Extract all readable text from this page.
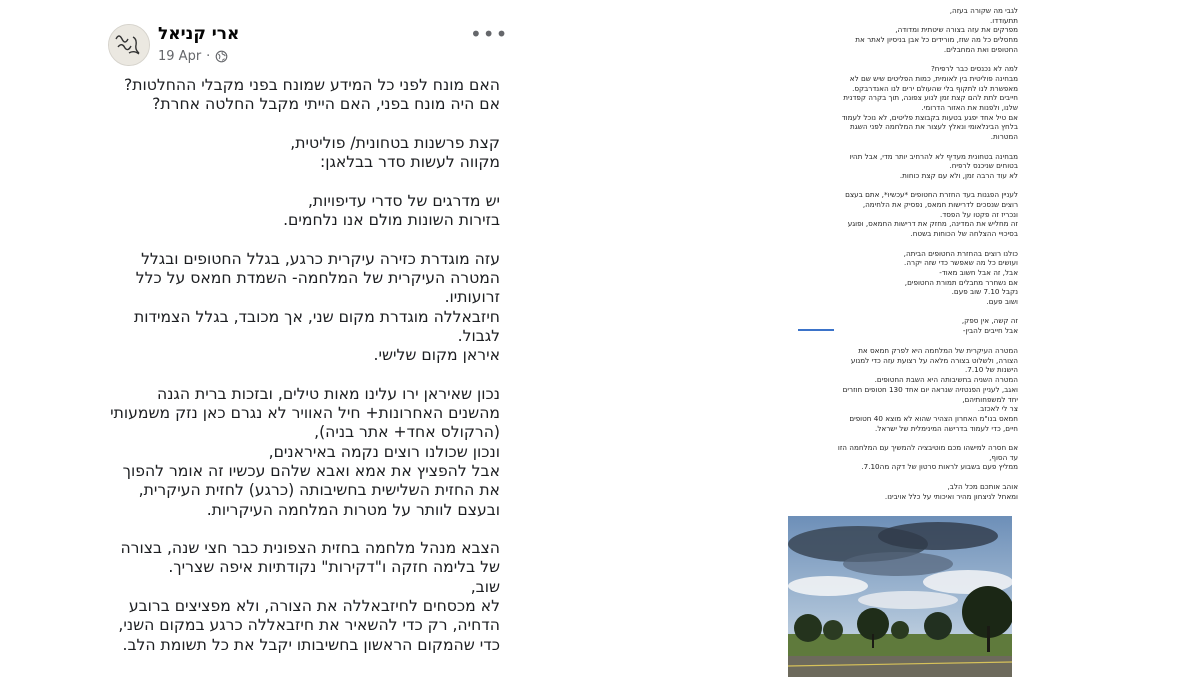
ארי קניאל
19 Apr ·
•••

האם מונח לפני כל המידע שמונח בפני מקבלי ההחלטות?
אם היה מונח בפני, האם הייתי מקבל החלטה אחרת?

קצת פרשנות בטחונית/ פוליטית,
מקווה לעשות סדר בבלאגן:

יש מדרגים של סדרי עדיפויות,
בזירות השונות מולם אנו נלחמים.

עזה מוגדרת כזירה עיקרית כרגע, בגלל החטופים ובגלל
המטרה העיקרית של המלחמה- השמדת חמאס על כלל
זרועותיו.
חיזבאללה מוגדרת מקום שני, אך מכובד, בגלל הצמידות
לגבול.
איראן מקום שלישי.

נכון שאיראן ירו עלינו מאות טילים, ובזכות ברית הגנה
מהשנים האחרונות+ חיל האוויר לא נגרם כאן נזק משמעותי
(הרקולס אחד+ אתר בניה),
ונכון שכולנו רוצים נקמה באיראנים,
אבל להפציץ את אמא ואבא שלהם עכשיו זה אומר להפוך
את החזית השלישית בחשיבותה (כרגע) לחזית העיקרית,
ובעצם לוותר על מטרות המלחמה העיקריות.

הצבא מנהל מלחמה בחזית הצפונית כבר חצי שנה, בצורה
של בלימה חזקה ו"דקירות" נקודתיות איפה שצריך.
שוב,
לא מכסחים לחיזבאללה את הצורה, ולא מפציצים ברובע
הדחיה, רק כדי להשאיר את חיזבאללה כרגע במקום השני,
כדי שהמקום הראשון בחשיבותו יקבל את כל תשומת הלב.

לגבי מה שקורה בעזה,
תתעודדו.
מפרקים את עזה בצורה שיטתית ומדודה,
מחסלים כל מה שזז, מורידים כל אבן בניסיון לאתר את
החטופים ואת המחבלים.

למה לא נכנסים כבר לרפיח?
מבחינה פוליטית בין לאומית, כמות הפליטים שיש שם לא
מאפשרת לנו לתקוף בלי שהעולם ירים לנו האנדרבקס.
חייבים לתת להם קצת זמן לנוע צפונה, תוך בקרה קפדנית
שלנו, ולפנות את האזור הדרומי.
אם טיל אחד יפגע בטעות בקבוצת פליטים, לא נוכל לעמוד
בלחץ הבינלאומי ונאלץ לעצור את המלחמה לפני השגת
המטרות.

מבחינה בטחונית מעדיף לא להרחיב יותר מדי, אבל תהיו
בטוחים שניכנס לרפיח.
לא עוד הרבה זמן, ולא עם קצת כוחות.

לעניין הפגנות בעד החזרת החטופים *עכשיו*, אתם בעצם
רוצים שנסכים לדרישות חמאס, נפסיק את הלחימה,
ונכריז זה פקטו על הפסד.
זה מחליש את המדינה, מחזק את דרישות החמאס, ופוגע
בסיכויי ההצלחה של הכוחות בשטח.

כולנו רוצים בהחזרת החטופים הביתה,
ועושים כל מה שאפשר כדי שזה יקרה.
אבל, זה אבל חשוב מאוד-
אם נשחרר מחבלים תמורת החטופים,
נקבל 7.10 שוב פעם.
ושוב פעם.

זה קשה, אין ספק,
אבל חייבים להבין-

המטרה העיקרית של המלחמה היא לפרק חמאס את
הצורה, ולשלוט בצורה מלאה על רצועת עזה כדי למנוע
הישנות של 7.10.
המטרה השניה בחשיבותה היא השבת החטופים.
ואגב, לעניין הפנטזיה שנראה יום אחד 130 חטופים חוזרים
יחד למשפחותיהם,
צר לי לאכזב.
חמאס בנו"מ האחרון הצהיר שהוא לא מוצא 40 חטופים
חיים, כדי לעמוד בדרישה המינימלית של ישראל.

אם חסרה למישהו מכם מוטיבציה להמשיך עם המלחמה הזו
עד הסוף,
ממליץ פעם בשבוע לראות סרטון של דקה מה7.10.

אוהב אותכם מכל הלב,
ומאחל לניצחון מהיר ואיכותי על כלל אויבינו.
